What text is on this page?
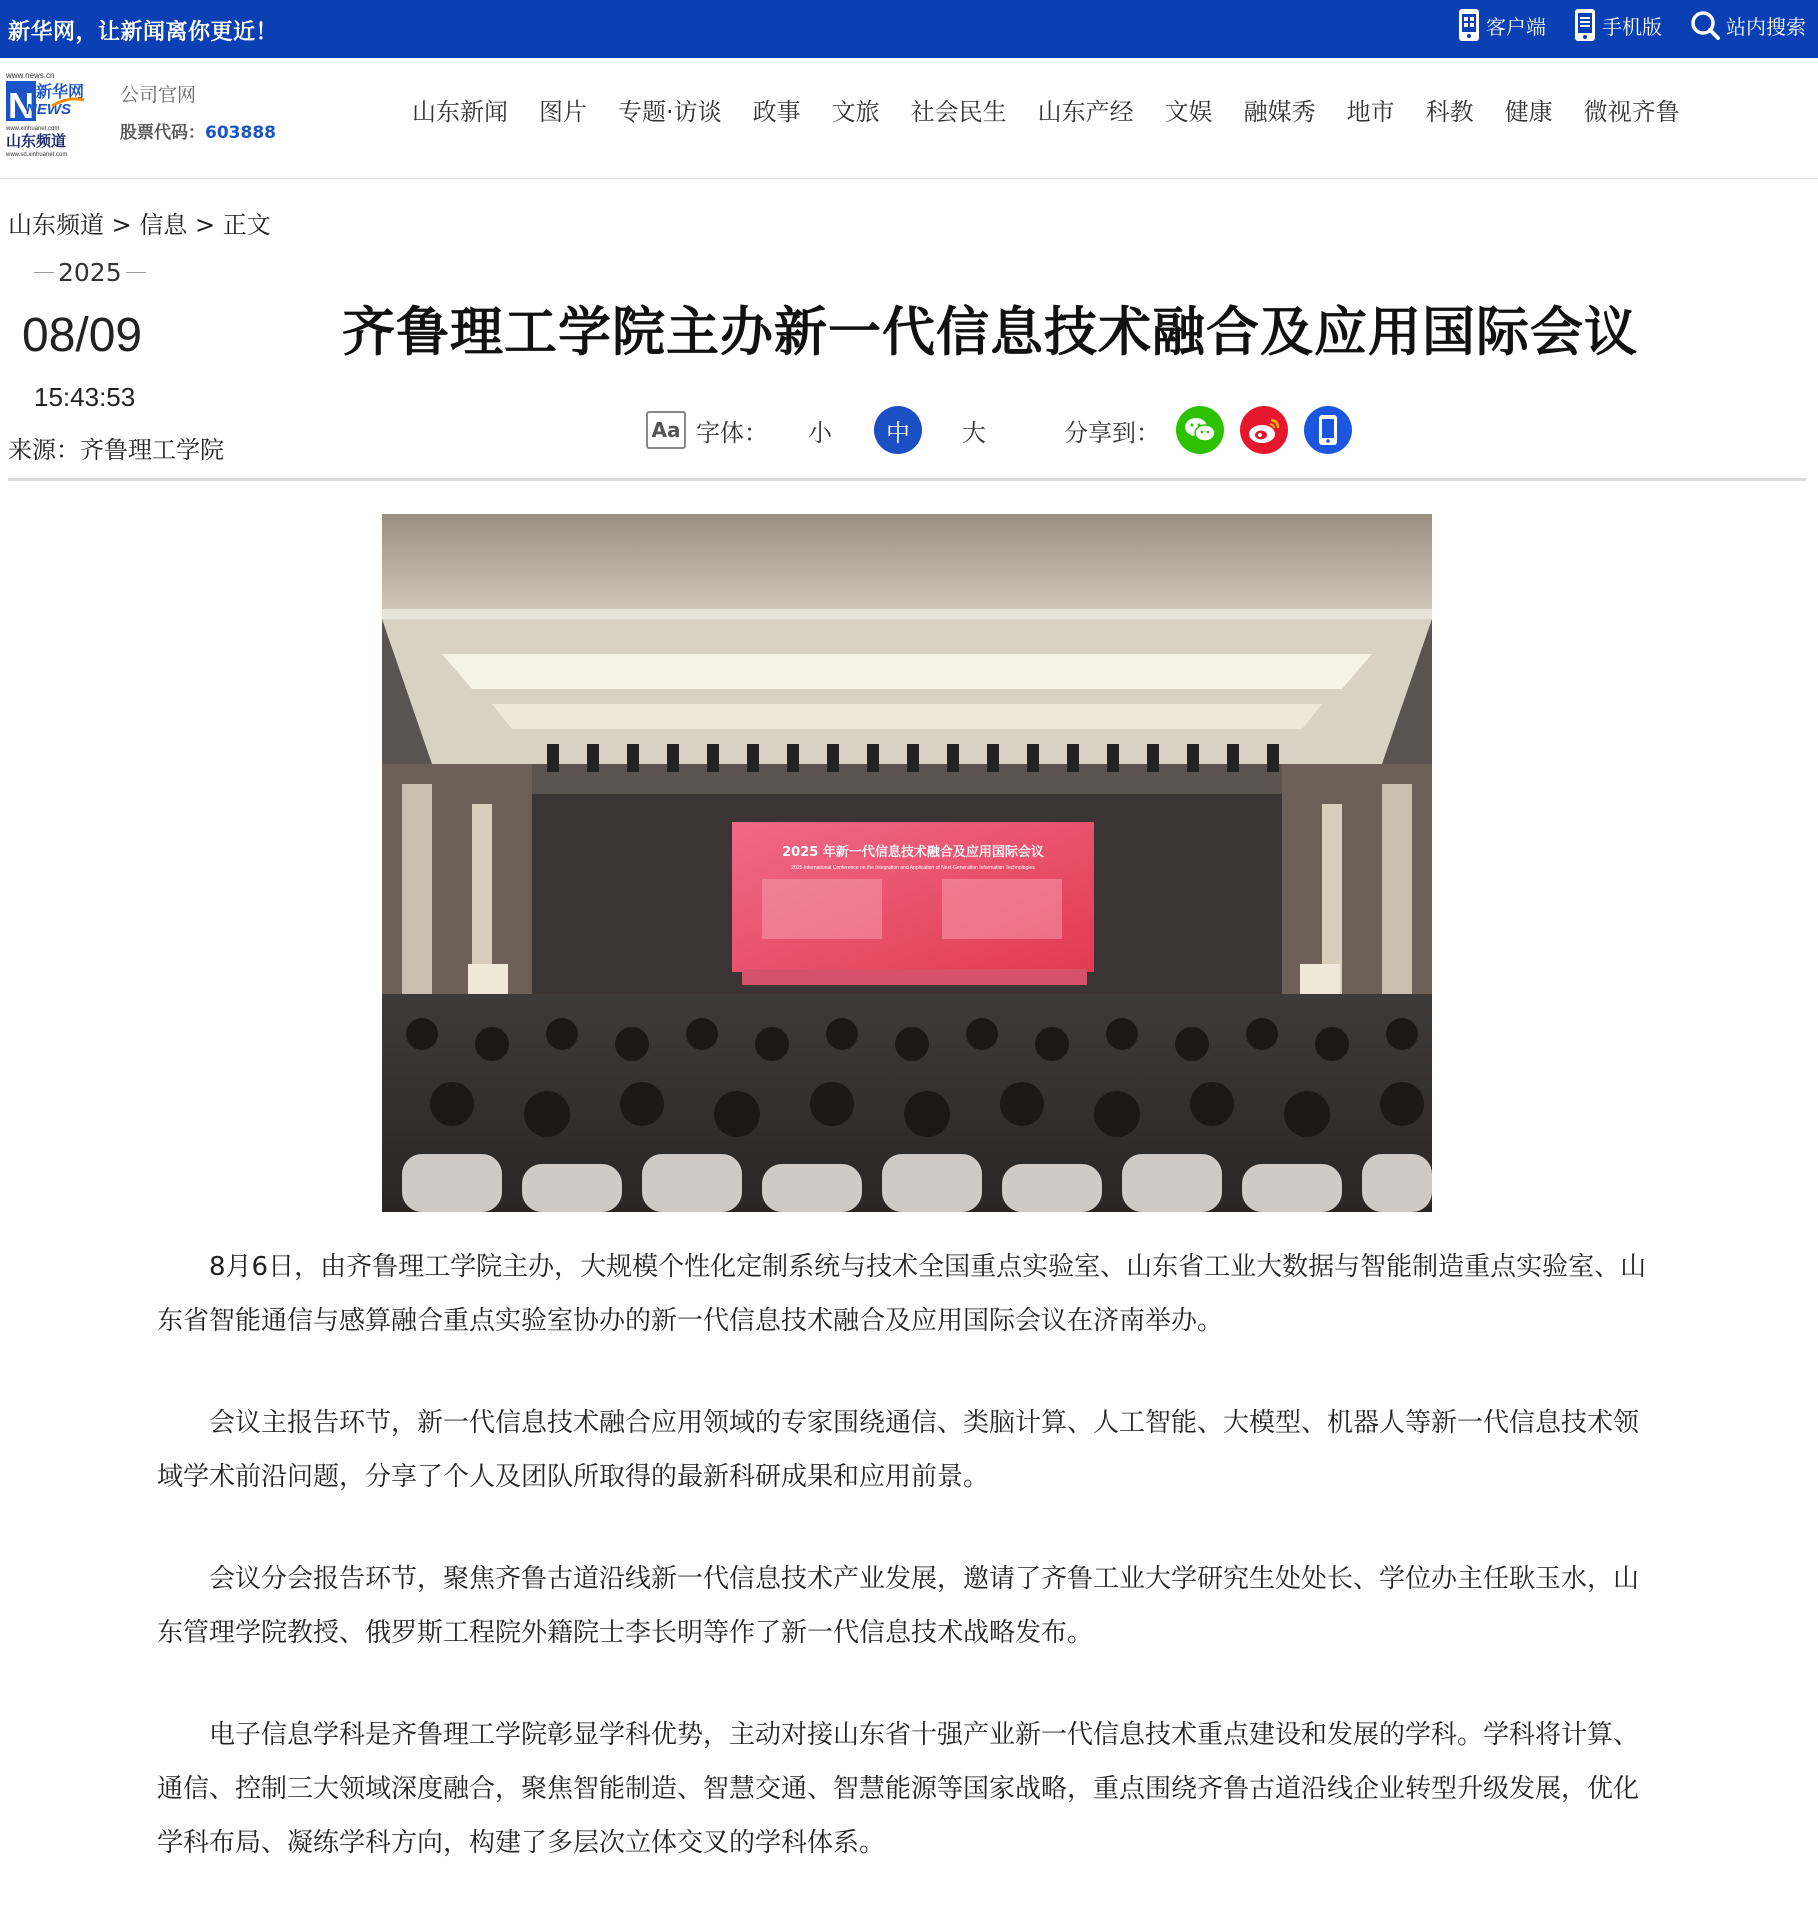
新华网，让新闻离你更近！	客户端	手机版	站内搜索
www.news.cn
N 新华网
NEWS
www.xinhuanet.com
山东频道
www.sd.xinhuanet.com
公司官网
股票代码：603888
山东新闻 图片 专题·访谈 政事 文旅 社会民生 山东产经 文娱 融媒秀 地市 科教 健康 微视齐鲁
山东频道 > 信息 > 正文
2025
08/09
15:43:53
来源：齐鲁理工学院
齐鲁理工学院主办新一代信息技术融合及应用国际会议
Aa 字体： 小	中	大	分享到：
2025 年新一代信息技术融合及应用国际会议
2025 International Conference on the Integration and Application of Next-Generation Information Technologies

8月6日，由齐鲁理工学院主办，大规模个性化定制系统与技术全国重点实验室、山东省工业大数据与智能制造重点实验室、山东省智能通信与感算融合重点实验室协办的新一代信息技术融合及应用国际会议在济南举办。

会议主报告环节，新一代信息技术融合应用领域的专家围绕通信、类脑计算、人工智能、大模型、机器人等新一代信息技术领域学术前沿问题，分享了个人及团队所取得的最新科研成果和应用前景。

会议分会报告环节，聚焦齐鲁古道沿线新一代信息技术产业发展，邀请了齐鲁工业大学研究生处处长、学位办主任耿玉水，山东管理学院教授、俄罗斯工程院外籍院士李长明等作了新一代信息技术战略发布。

电子信息学科是齐鲁理工学院彰显学科优势，主动对接山东省十强产业新一代信息技术重点建设和发展的学科。学科将计算、通信、控制三大领域深度融合，聚焦智能制造、智慧交通、智慧能源等国家战略，重点围绕齐鲁古道沿线企业转型升级发展，优化学科布局、凝练学科方向，构建了多层次立体交叉的学科体系。
